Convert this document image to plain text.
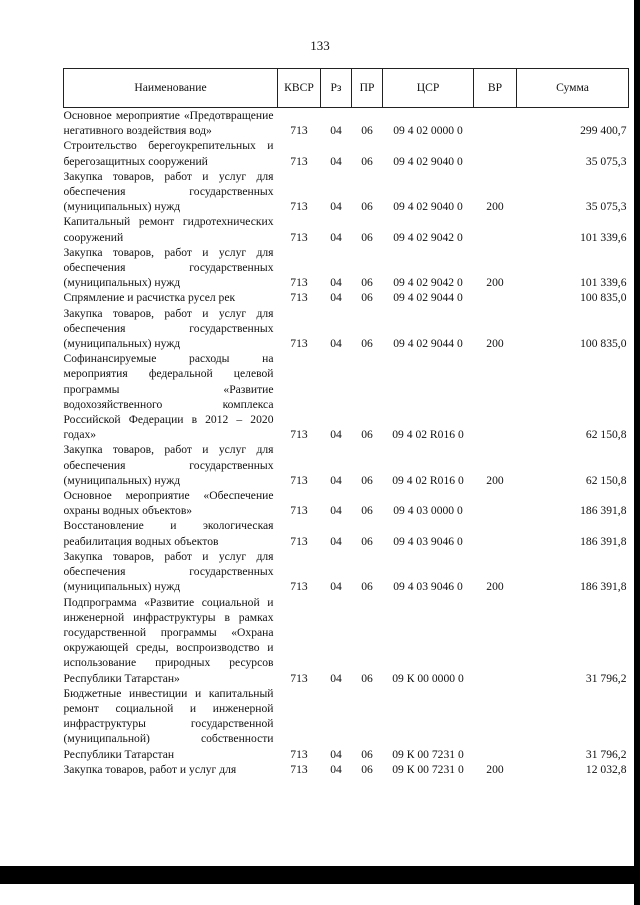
133
Наименование	КВСР	Рз	ПР	ЦСР	ВР	Сумма
Основное мероприятие «Предотвращение негативного воздействия вод»	713	04	06	09 4 02 0000 0		299 400,7
Строительство берегоукрепительных и берегозащитных сооружений	713	04	06	09 4 02 9040 0		35 075,3
Закупка товаров, работ и услуг для обеспечения государственных (муниципальных) нужд	713	04	06	09 4 02 9040 0	200	35 075,3
Капитальный ремонт гидротехнических сооружений	713	04	06	09 4 02 9042 0		101 339,6
Закупка товаров, работ и услуг для обеспечения государственных (муниципальных) нужд	713	04	06	09 4 02 9042 0	200	101 339,6
Спрямление и расчистка русел рек	713	04	06	09 4 02 9044 0		100 835,0
Закупка товаров, работ и услуг для обеспечения государственных (муниципальных) нужд	713	04	06	09 4 02 9044 0	200	100 835,0
Софинансируемые расходы на мероприятия федеральной целевой программы «Развитие водохозяйственного комплекса Российской Федерации в 2012 – 2020 годах»	713	04	06	09 4 02 R016 0		62 150,8
Закупка товаров, работ и услуг для обеспечения государственных (муниципальных) нужд	713	04	06	09 4 02 R016 0	200	62 150,8
Основное мероприятие «Обеспечение охраны водных объектов»	713	04	06	09 4 03 0000 0		186 391,8
Восстановление и экологическая реабилитация водных объектов	713	04	06	09 4 03 9046 0		186 391,8
Закупка товаров, работ и услуг для обеспечения государственных (муниципальных) нужд	713	04	06	09 4 03 9046 0	200	186 391,8
Подпрограмма «Развитие социальной и инженерной инфраструктуры в рамках государственной программы «Охрана окружающей среды, воспроизводство и использование природных ресурсов Республики Татарстан»	713	04	06	09 К 00 0000 0		31 796,2
Бюджетные инвестиции и капитальный ремонт социальной и инженерной инфраструктуры государственной (муниципальной) собственности Республики Татарстан	713	04	06	09 К 00 7231 0		31 796,2
Закупка товаров, работ и услуг для	713	04	06	09 К 00 7231 0	200	12 032,8
